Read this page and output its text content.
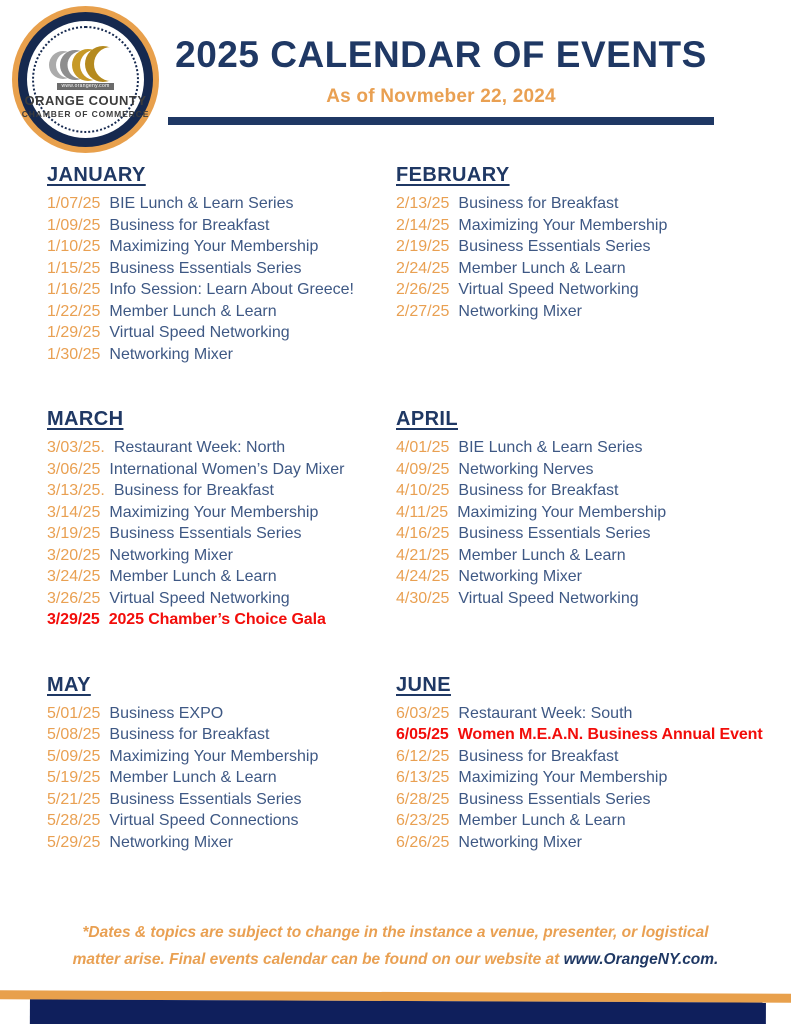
www.orangeny.com
ORANGE COUNTY
CHAMBER OF COMMERCE
2025 CALENDAR OF EVENTS
As of Novmeber 22, 2024
JANUARY
1/07/25 BIE Lunch & Learn Series
1/09/25 Business for Breakfast
1/10/25 Maximizing Your Membership
1/15/25 Business Essentials Series
1/16/25 Info Session: Learn About Greece!
1/22/25 Member Lunch & Learn
1/29/25 Virtual Speed Networking
1/30/25 Networking Mixer
FEBRUARY
2/13/25 Business for Breakfast
2/14/25 Maximizing Your Membership
2/19/25 Business Essentials Series
2/24/25 Member Lunch & Learn
2/26/25 Virtual Speed Networking
2/27/25 Networking Mixer
MARCH
3/03/25. Restaurant Week: North
3/06/25 International Women’s Day Mixer
3/13/25. Business for Breakfast
3/14/25 Maximizing Your Membership
3/19/25 Business Essentials Series
3/20/25 Networking Mixer
3/24/25 Member Lunch & Learn
3/26/25 Virtual Speed Networking
3/29/25 2025 Chamber’s Choice Gala
APRIL
4/01/25 BIE Lunch & Learn Series
4/09/25 Networking Nerves
4/10/25 Business for Breakfast
4/11/25 Maximizing Your Membership
4/16/25 Business Essentials Series
4/21/25 Member Lunch & Learn
4/24/25 Networking Mixer
4/30/25 Virtual Speed Networking
MAY
5/01/25 Business EXPO
5/08/25 Business for Breakfast
5/09/25 Maximizing Your Membership
5/19/25 Member Lunch & Learn
5/21/25 Business Essentials Series
5/28/25 Virtual Speed Connections
5/29/25 Networking Mixer
JUNE
6/03/25 Restaurant Week: South
6/05/25 Women M.E.A.N. Business Annual Event
6/12/25 Business for Breakfast
6/13/25 Maximizing Your Membership
6/28/25 Business Essentials Series
6/23/25 Member Lunch & Learn
6/26/25 Networking Mixer
*Dates & topics are subject to change in the instance a venue, presenter, or logistical
matter arise. Final events calendar can be found on our website at www.OrangeNY.com.
